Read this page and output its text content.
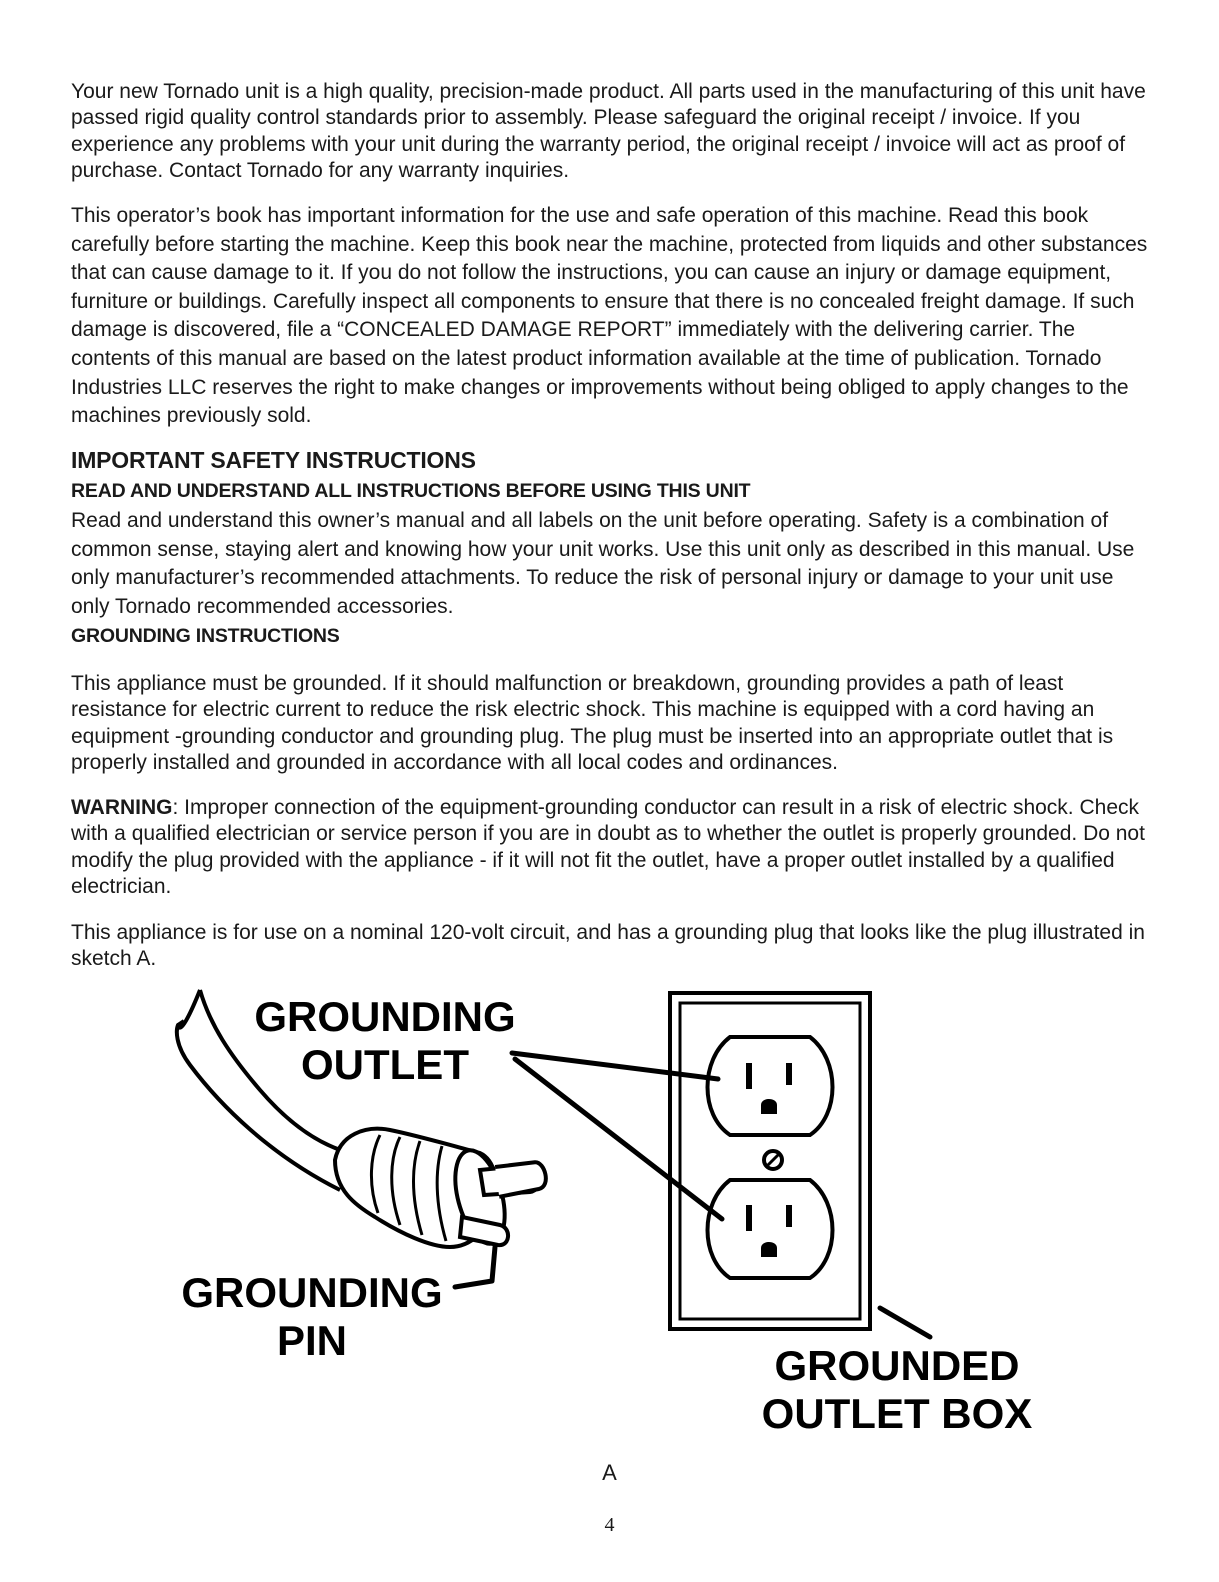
Your new Tornado unit is a high quality, precision-made product. All parts used in the manufacturing of this unit have passed rigid quality control standards prior to assembly. Please safeguard the original receipt / invoice. If you experience any problems with your unit during the warranty period, the original receipt / invoice will act as proof of purchase. Contact Tornado for any warranty inquiries.

This operator’s book has important information for the use and safe operation of this machine. Read this book carefully before starting the machine. Keep this book near the machine, protected from liquids and other substances that can cause damage to it. If you do not follow the instructions, you can cause an injury or damage equipment, furniture or buildings. Carefully inspect all components to ensure that there is no concealed freight damage. If such damage is discovered, file a “CONCEALED DAMAGE REPORT” immediately with the delivering carrier. The contents of this manual are based on the latest product information available at the time of publication. Tornado Industries LLC reserves the right to make changes or improvements without being obliged to apply changes to the machines previously sold.

IMPORTANT SAFETY INSTRUCTIONS
READ AND UNDERSTAND ALL INSTRUCTIONS BEFORE USING THIS UNIT

Read and understand this owner’s manual and all labels on the unit before operating. Safety is a combination of common sense, staying alert and knowing how your unit works. Use this unit only as described in this manual. Use only manufacturer’s recommended attachments. To reduce the risk of personal injury or damage to your unit use only Tornado recommended accessories.

GROUNDING INSTRUCTIONS

This appliance must be grounded. If it should malfunction or breakdown, grounding provides a path of least resistance for electric current to reduce the risk electric shock. This machine is equipped with a cord having an equipment -grounding conductor and grounding plug. The plug must be inserted into an appropriate outlet that is properly installed and grounded in accordance with all local codes and ordinances.

WARNING: Improper connection of the equipment-grounding conductor can result in a risk of electric shock. Check with a qualified electrician or service person if you are in doubt as to whether the outlet is properly grounded. Do not modify the plug provided with the appliance - if it will not fit the outlet, have a proper outlet installed by a qualified electrician.

This appliance is for use on a nominal 120-volt circuit, and has a grounding plug that looks like the plug illustrated in sketch A.

GROUNDING
OUTLET
GROUNDING
PIN
GROUNDED
OUTLET BOX
A
4
